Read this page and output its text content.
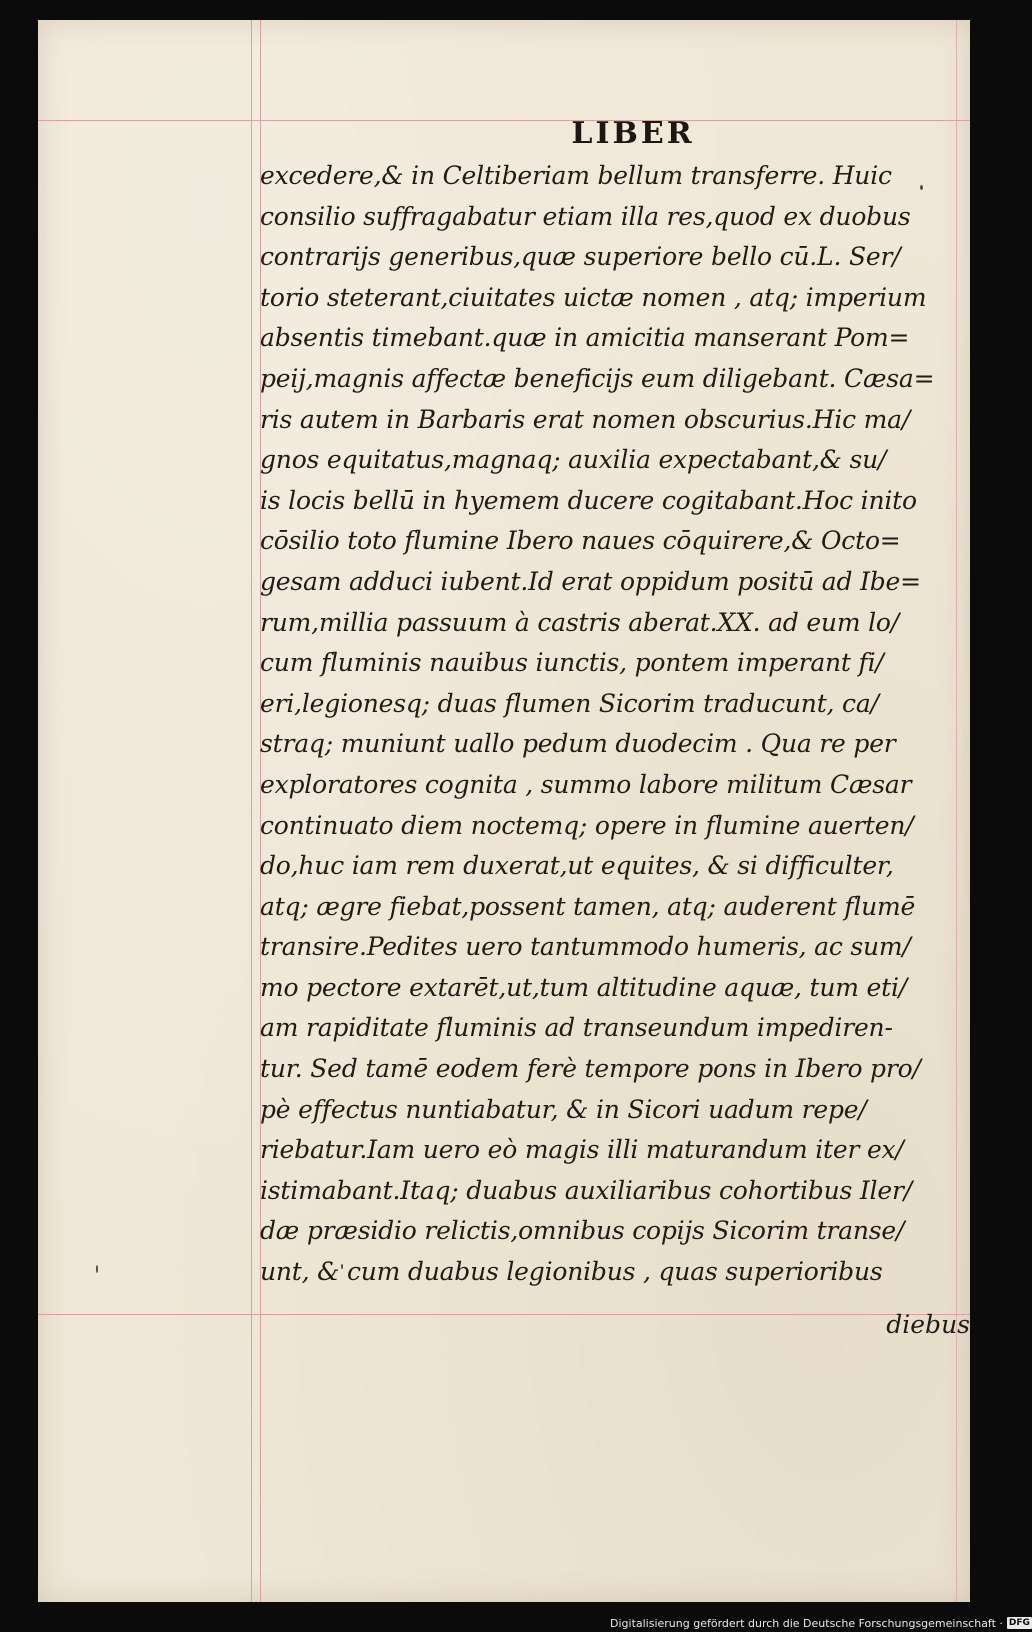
LIBER
excedere,& in Celtiberiam bellum transferre. Huic
consilio suffragabatur etiam illa res,quod ex duobus
contrarijs generibus,quæ superiore bello cū.L. Ser/
torio steterant,ciuitates uictæ nomen , atq; imperium
absentis timebant.quæ in amicitia manserant Pom=
peij,magnis affectæ beneficijs eum diligebant. Cæsa=
ris autem in Barbaris erat nomen obscurius.Hic ma/
gnos equitatus,magnaq; auxilia expectabant,& su/
is locis bellū in hyemem ducere cogitabant.Hoc inito
cōsilio toto flumine Ibero naues cōquirere,& Octo=
gesam adduci iubent.Id erat oppidum positū ad Ibe=
rum,millia passuum à castris aberat.XX. ad eum lo/
cum fluminis nauibus iunctis, pontem imperant fi/
eri,legionesq; duas flumen Sicorim traducunt, ca/
straq; muniunt uallo pedum duodecim . Qua re per
exploratores cognita , summo labore militum Cæsar
continuato diem noctemq; opere in flumine auerten/
do,huc iam rem duxerat,ut equites, & si difficulter,
atq; ægre fiebat,possent tamen, atq; auderent flumē
transire.Pedites uero tantummodo humeris, ac sum/
mo pectore extarēt,ut,tum altitudine aquæ, tum eti/
am rapiditate fluminis ad transeundum impediren-
tur. Sed tamē eodem ferè tempore pons in Ibero pro/
pè effectus nuntiabatur, & in Sicori uadum repe/
riebatur.Iam uero eò magis illi maturandum iter ex/
istimabant.Itaq; duabus auxiliaribus cohortibus Iler/
dæ præsidio relictis,omnibus copijs Sicorim transe/
unt, & cum duabus legionibus , quas superioribus

diebus

Digitalisierung gefördert durch die Deutsche Forschungsgemeinschaft · DFG
